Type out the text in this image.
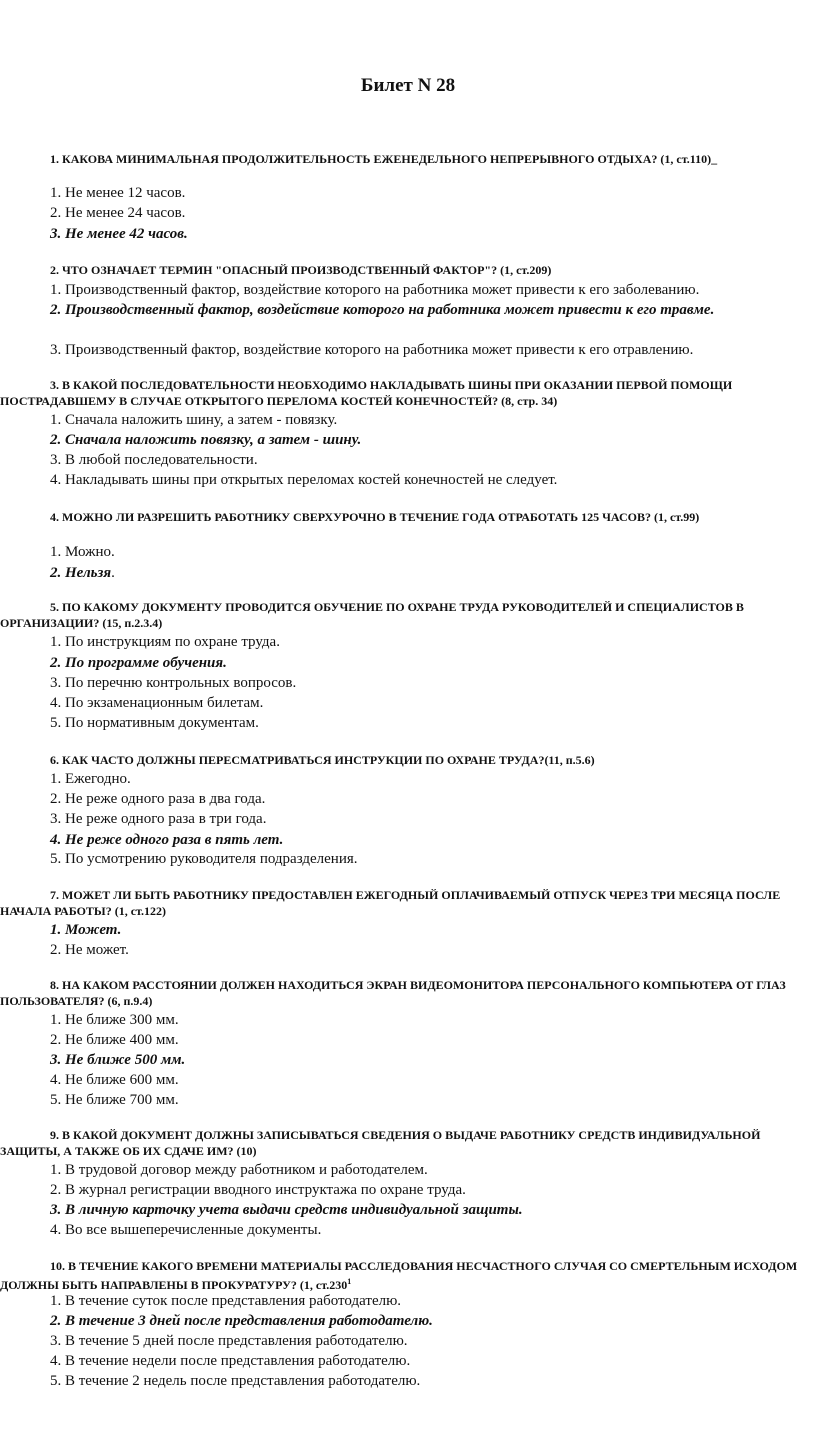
Билет N 28
1. КАКОВА МИНИМАЛЬНАЯ ПРОДОЛЖИТЕЛЬНОСТЬ ЕЖЕНЕДЕЛЬНОГО НЕПРЕРЫВНОГО ОТДЫХА? (1, ст.110)_
1. Не менее 12 часов.
2. Не менее 24 часов.
3. Не менее 42 часов.
2. ЧТО ОЗНАЧАЕТ ТЕРМИН "ОПАСНЫЙ ПРОИЗВОДСТВЕННЫЙ ФАКТОР"? (1, ст.209)
1. Производственный фактор, воздействие которого на работника может привести к его заболеванию.
2. Производственный фактор, воздействие которого на работника может привести к его травме.
3. Производственный фактор, воздействие которого на работника может привести к его отравлению.
3. В КАКОЙ ПОСЛЕДОВАТЕЛЬНОСТИ НЕОБХОДИМО НАКЛАДЫВАТЬ ШИНЫ ПРИ ОКАЗАНИИ ПЕРВОЙ ПОМОЩИ ПОСТРАДАВШЕМУ В СЛУЧАЕ ОТКРЫТОГО ПЕРЕЛОМА КОСТЕЙ КОНЕЧНОСТЕЙ? (8, стр. 34)
1. Сначала наложить шину, а затем - повязку.
2. Сначала наложить повязку, а затем - шину.
3. В любой последовательности.
4. Накладывать шины при открытых переломах костей конечностей не следует.
4. МОЖНО ЛИ РАЗРЕШИТЬ РАБОТНИКУ СВЕРХУРОЧНО В ТЕЧЕНИЕ ГОДА ОТРАБОТАТЬ 125 ЧАСОВ? (1, ст.99)
1. Можно.
2. Нельзя.
5. ПО КАКОМУ ДОКУМЕНТУ ПРОВОДИТСЯ ОБУЧЕНИЕ ПО ОХРАНЕ ТРУДА РУКОВОДИТЕЛЕЙ И СПЕЦИАЛИСТОВ В ОРГАНИЗАЦИИ? (15, п.2.3.4)
1. По инструкциям по охране труда.
2. По программе обучения.
3. По перечню контрольных вопросов.
4. По экзаменационным билетам.
5. По нормативным документам.
6. КАК ЧАСТО ДОЛЖНЫ ПЕРЕСМАТРИВАТЬСЯ ИНСТРУКЦИИ ПО ОХРАНЕ ТРУДА?(11, п.5.6)
1. Ежегодно.
2. Не реже одного раза в два года.
3. Не реже одного раза в три года.
4. Не реже одного раза в пять лет.
5. По усмотрению руководителя подразделения.
7. МОЖЕТ ЛИ БЫТЬ РАБОТНИКУ ПРЕДОСТАВЛЕН ЕЖЕГОДНЫЙ ОПЛАЧИВАЕМЫЙ ОТПУСК ЧЕРЕЗ ТРИ МЕСЯЦА ПОСЛЕ НАЧАЛА РАБОТЫ? (1, ст.122)
1. Может.
2. Не может.
8. НА КАКОМ РАССТОЯНИИ ДОЛЖЕН НАХОДИТЬСЯ ЭКРАН ВИДЕОМОНИТОРА ПЕРСОНАЛЬНОГО КОМПЬЮТЕРА ОТ ГЛАЗ ПОЛЬЗОВАТЕЛЯ? (6, п.9.4)
1. Не ближе 300 мм.
2. Не ближе 400 мм.
3. Не ближе 500 мм.
4. Не ближе 600 мм.
5. Не ближе 700 мм.
9. В КАКОЙ ДОКУМЕНТ ДОЛЖНЫ ЗАПИСЫВАТЬСЯ СВЕДЕНИЯ О ВЫДАЧЕ РАБОТНИКУ СРЕДСТВ ИНДИВИДУАЛЬНОЙ ЗАЩИТЫ, А ТАКЖЕ ОБ ИХ СДАЧЕ ИМ? (10)
1. В трудовой договор между работником и работодателем.
2. В журнал регистрации вводного инструктажа по охране труда.
3. В личную карточку учета выдачи средств индивидуальной защиты.
4. Во все вышеперечисленные документы.
10. В ТЕЧЕНИЕ КАКОГО ВРЕМЕНИ МАТЕРИАЛЫ РАССЛЕДОВАНИЯ НЕСЧАСТНОГО СЛУЧАЯ СО СМЕРТЕЛЬНЫМ ИСХОДОМ ДОЛЖНЫ БЫТЬ НАПРАВЛЕНЫ В ПРОКУРАТУРУ? (1, ст.230$^1$
1. В течение суток после представления работодателю.
2. В течение 3 дней после представления работодателю.
3. В течение 5 дней после представления работодателю.
4. В течение недели после представления работодателю.
5. В течение 2 недель после представления работодателю.
